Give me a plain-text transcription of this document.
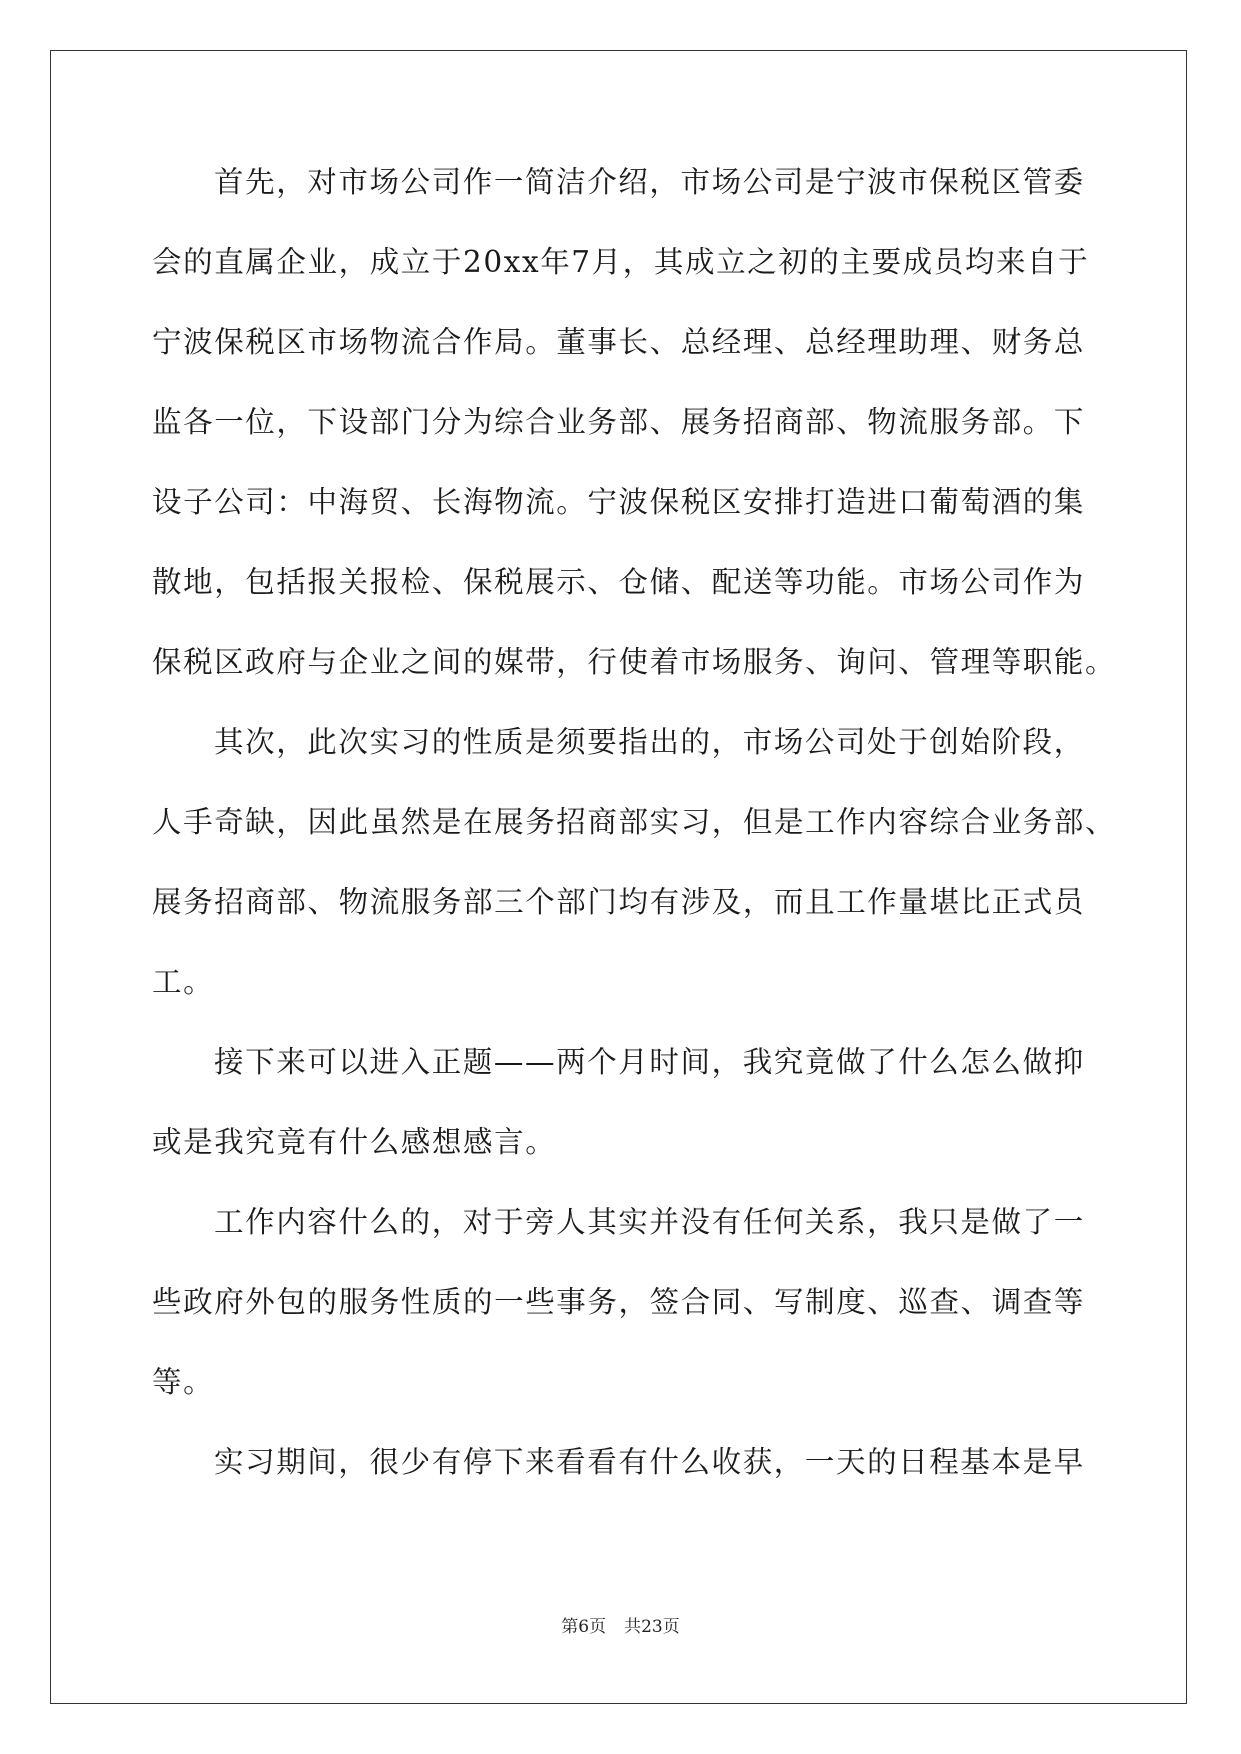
首先，对市场公司作一简洁介绍，市场公司是宁波市保税区管委
会的直属企业，成立于20xx年7月，其成立之初的主要成员均来自于
宁波保税区市场物流合作局。董事长、总经理、总经理助理、财务总
监各一位，下设部门分为综合业务部、展务招商部、物流服务部。下
设子公司：中海贸、长海物流。宁波保税区安排打造进口葡萄酒的集
散地，包括报关报检、保税展示、仓储、配送等功能。市场公司作为
保税区政府与企业之间的媒带，行使着市场服务、询问、管理等职能。
其次，此次实习的性质是须要指出的，市场公司处于创始阶段，
人手奇缺，因此虽然是在展务招商部实习，但是工作内容综合业务部、
展务招商部、物流服务部三个部门均有涉及，而且工作量堪比正式员
工。
接下来可以进入正题——两个月时间，我究竟做了什么怎么做抑
或是我究竟有什么感想感言。
工作内容什么的，对于旁人其实并没有任何关系，我只是做了一
些政府外包的服务性质的一些事务，签合同、写制度、巡查、调查等
等。
实习期间，很少有停下来看看有什么收获，一天的日程基本是早
第6页 共23页
